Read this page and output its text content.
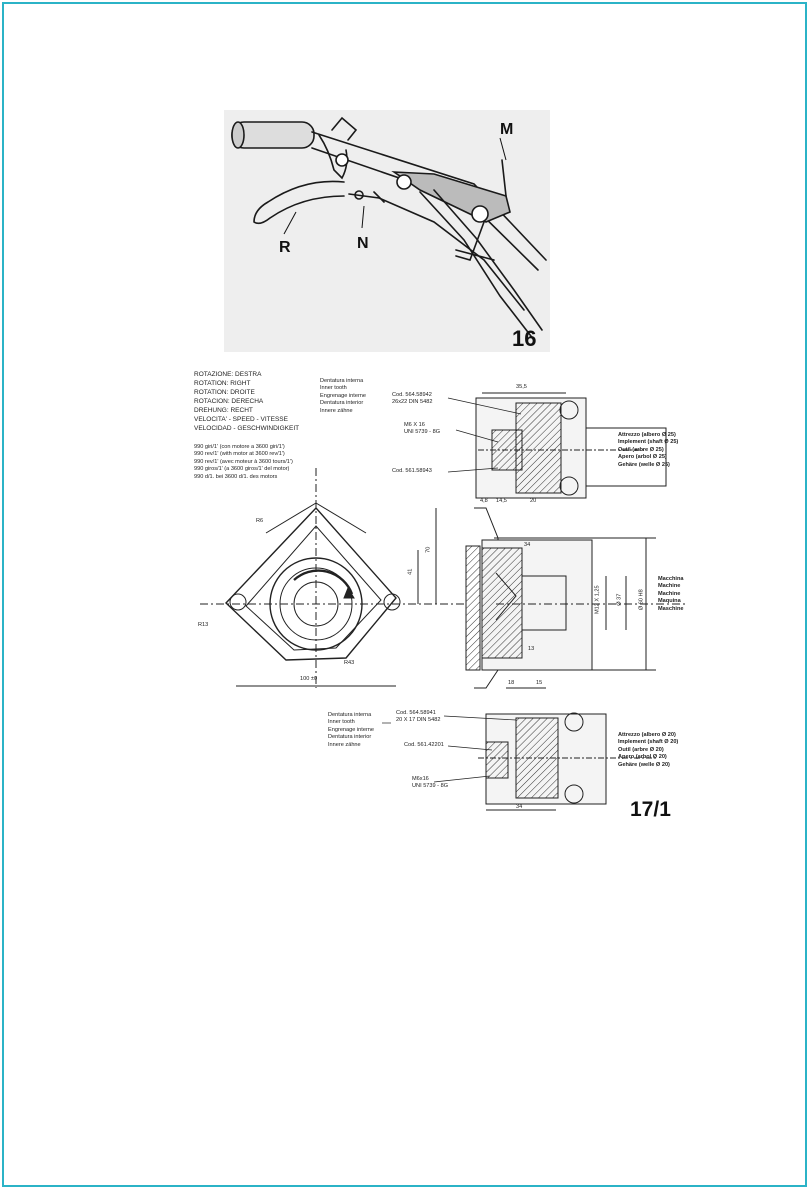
M
R	N
16
ROTAZIONE: DESTRA
ROTATION: RIGHT
ROTATION: DROITE
ROTACION: DERECHA
DREHUNG: RECHT
VELOCITA' - SPEED - VITESSE
VELOCIDAD - GESCHWINDIGKEIT
990 giri/1' (con motore a 3600 giri/1')
990 rev/1' (with motor at 3600 rev/1')
990 rev/1' (avec moteur à 3600 tours/1')
990 giros/1' (a 3600 giros/1' del motor)
990 d/1. bei 3600 d/1. des motors
Dentatura interna
Inner tooth
Engrenage interne
Dentatura interior
Innere zähne
Cod. 564.58942
26x22 DIN 5482
M6 X 16
UNI 5739 - 8G
Cod. 561.58943
Attrezzo (albero Ø 25)
Implement (shaft Ø 25)
Outil (arbre Ø 25)
Apero (arbol Ø 25)
Gehäre (welle Ø 25)
Macchina
Machine
Machine
Maquina
Maschine
Dentatura interna
Inner tooth
Engrenage interne
Dentatura interior
Innere zähne
Cod. 564.58941
20 X 17 DIN 5482
Cod. 561.42201
M6x16
UNI 5739 - 8G
Attrezzo (albero Ø 20)
Implement (shaft Ø 20)
Outil (arbre Ø 20)
Apero (arbol Ø 20)
Gehäre (welle Ø 20)
35,5
4,8 14,5	20
34
13
18	15
34
70
41
R6
R13
R43
100 ±0
M12 X 1,25	Ø 37	Ø 60 H8
17/1
